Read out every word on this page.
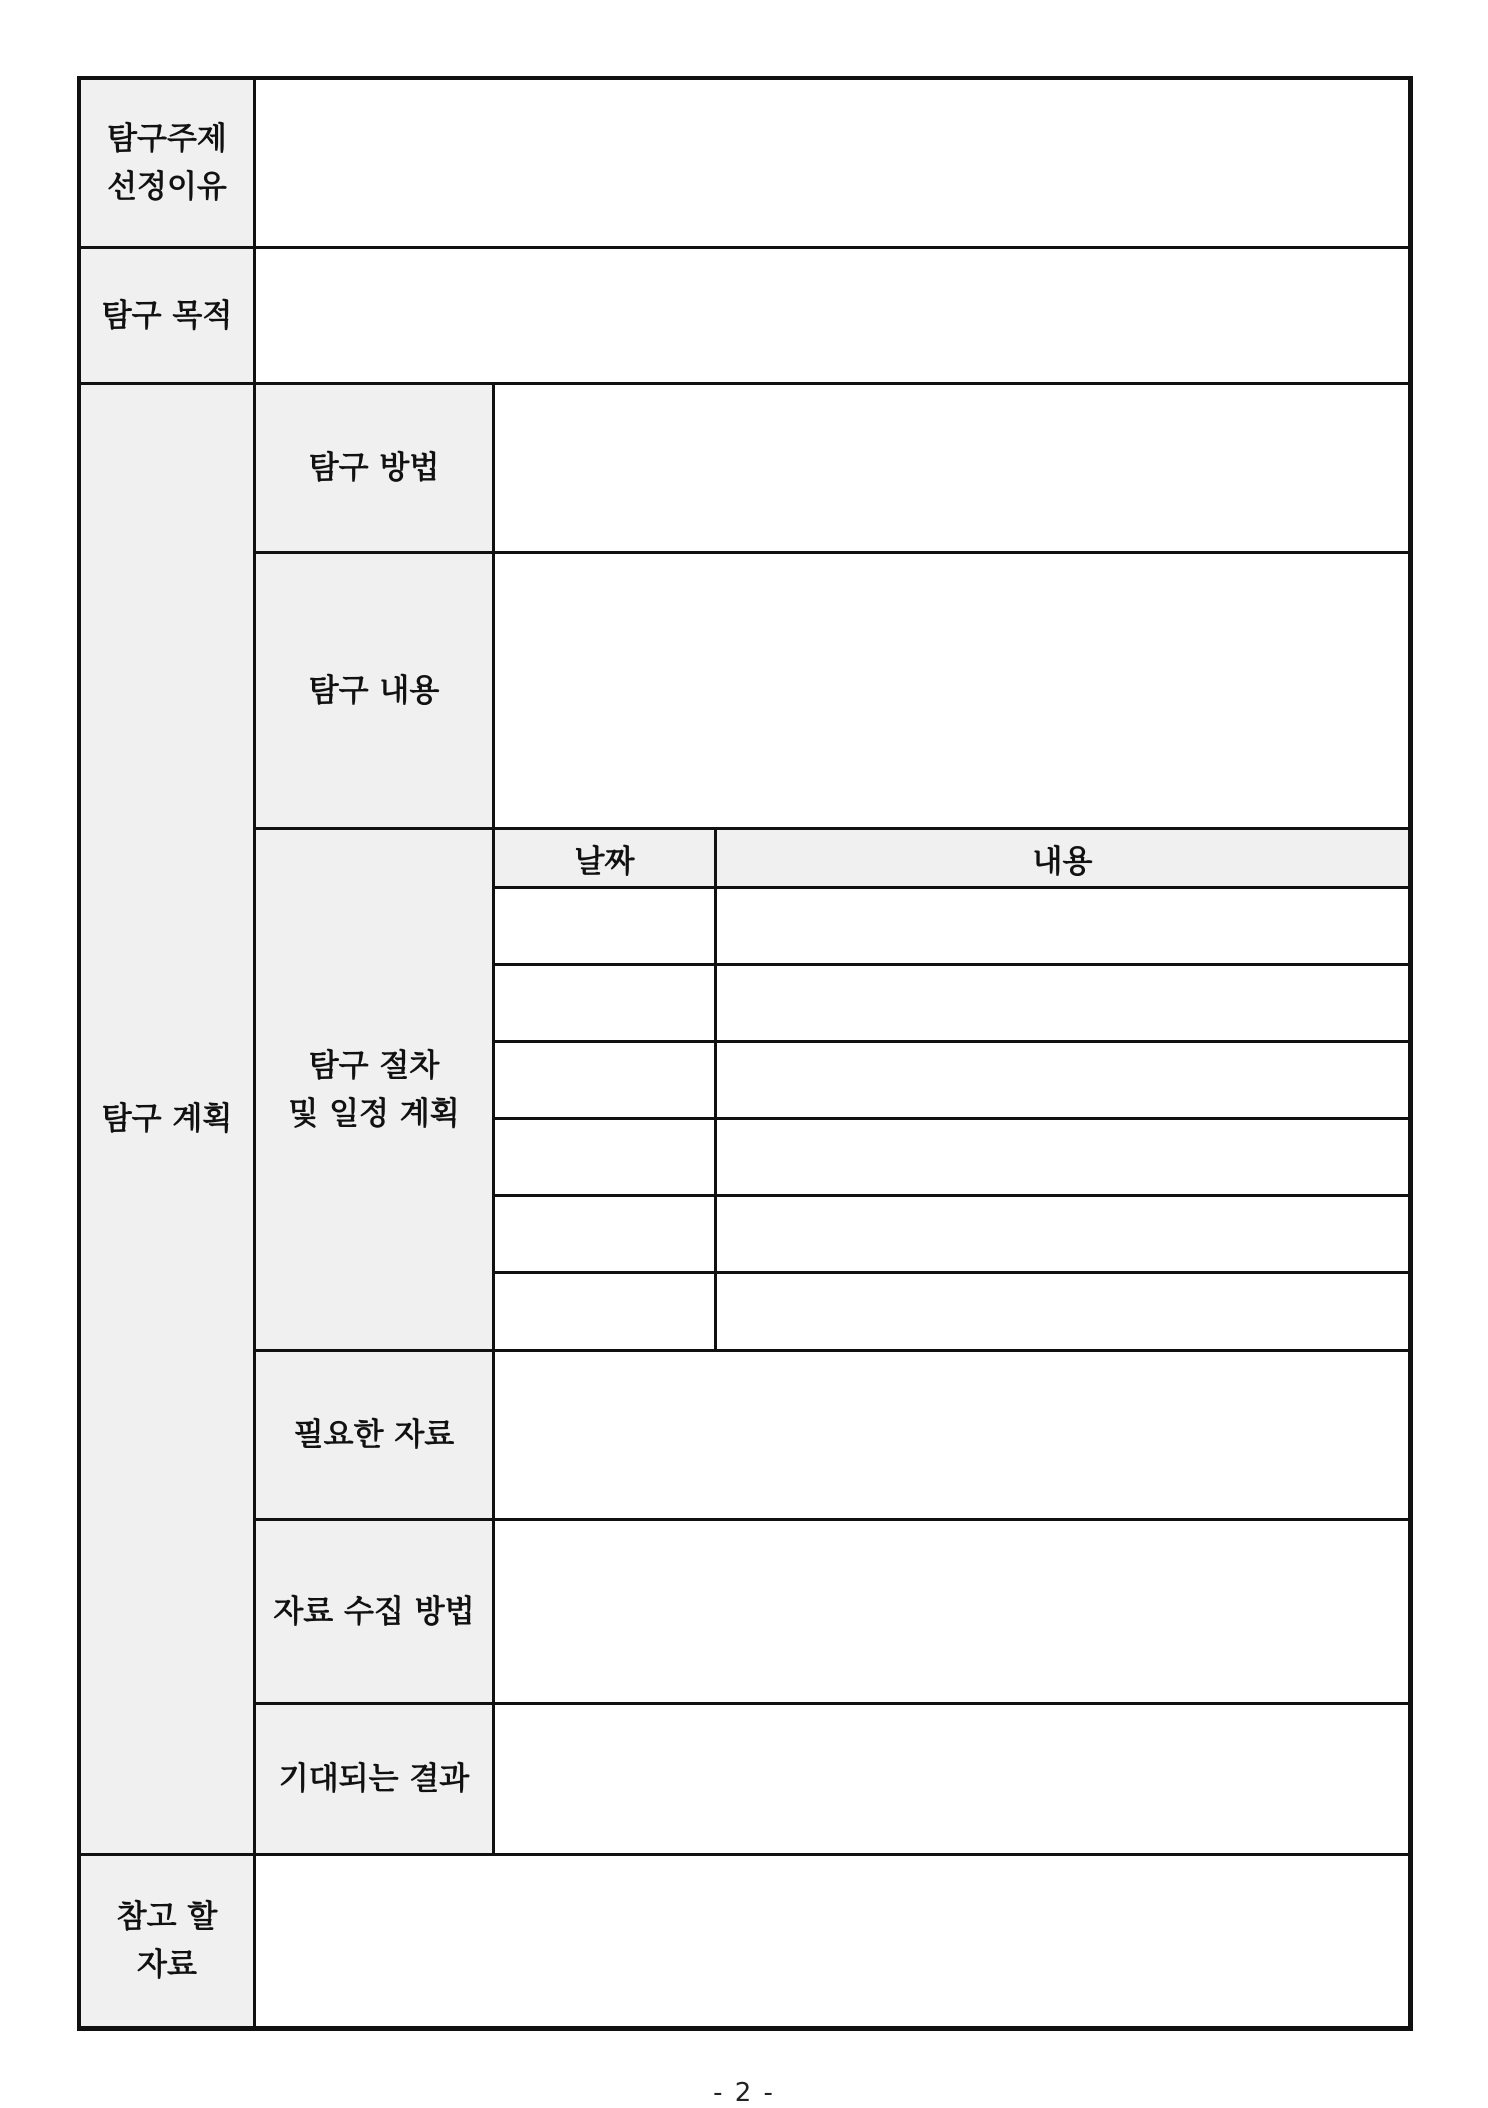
탐구주제
선정이유
탐구 목적
탐구 계획
탐구 방법
탐구 내용
탐구 절차
및 일정 계획
날짜	내용
필요한 자료
자료 수집 방법
기대되는 결과
참고 할
자료
- 2 -
